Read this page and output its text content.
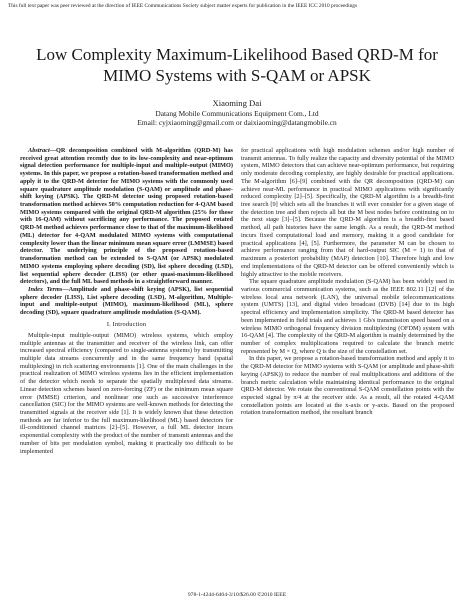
This full text paper was peer reviewed at the direction of IEEE Communications Society subject matter experts for publication in the IEEE ICC 2010 proceedings
Low Complexity Maximum-Likelihood Based QRD-M for MIMO Systems with S-QAM or APSK
Xiaoming Dai
Datang Mobile Communications Equipment Com., Ltd
Email: cyjxiaoming@gmail.com or daixiaoming@datangmobile.cn

Abstract—QR decomposition combined with M-algorithm (QRD-M) has received great attention recently due to its low-complexity and near-optimum signal detection performance for multiple-input and multiple-output (MIMO) systems. In this paper, we propose a rotation-based transformation method and apply it to the QRD-M detector for MIMO systems with the commonly used square quadrature amplitude modulation (S-QAM) or amplitude and phase-shift keying (APSK). The QRD-M detector using proposed rotation-based transformation method achieves 50% computation reduction for 4-QAM based MIMO systems compared with the original QRD-M algorithm (25% for those with 16-QAM) without sacrificing any performance. The proposed rotated QRD-M method achieves performance close to that of the maximum-likelihood (ML) detector for 4-QAM modulated MIMO systems with computational complexity lower than the linear minimum mean square error (LMMSE) based detector. The underlying principle of the proposed rotation-based transformation method can be extended to S-QAM (or APSK) modulated MIMO systems employing sphere decoding (SD), list sphere decoding (LSD), list sequential sphere decoder (LISS) (or other quasi-maximum-likelihood detectors), and the full ML based methods in a straightforward manner.

Index Terms—Amplitude and phase-shift keying (APSK), list sequential sphere decoder (LISS), List sphere decoding (LSD), M-algorithm, Multiple-input and multiple-output (MIMO), maximum-likelihood (ML), sphere decoding (SD), square quadrature amplitude modulation (S-QAM).

I. Introduction

Multiple-input multiple-output (MIMO) wireless systems, which employ multiple antennas at the transmitter and receiver of the wireless link, can offer increased spectral efficiency (compared to single-antenna systems) by transmitting multiple data streams concurrently and in the same frequency band (spatial multiplexing) in rich scattering environments [1]. One of the main challenges in the practical realization of MIMO wireless systems lies in the efficient implementation of the detector which needs to separate the spatially multiplexed data streams. Linear detection schemes based on zero-forcing (ZF) or the minimum mean square error (MMSE) criterion, and nonlinear one such as successive interference cancellation (SIC) for the MIMO systems are well-known methods for detecting the transmitted signals at the receiver side [1]. It is widely known that these detection methods are far inferior to the full maximum-likelihood (ML) based detectors for ill-conditioned channel matrices [2]–[5]. However, a full ML detector incurs exponential complexity with the product of the number of transmit antennas and the number of bits per modulation symbol, making it practically too difficult to be implemented

for practical applications with high modulation schemes and/or high number of transmit antennas. To fully realize the capacity and diversity potential of the MIMO system, MIMO detectors that can achieve near-optimum performance, but requiring only moderate decoding complexity, are highly desirable for practical applications. The M-algorithm [6]–[9] combined with the QR decomposition (QRD-M) can achieve near-ML performance in practical MIMO applications with significantly reduced complexity [2]–[5]. Specifically, the QRD-M algorithm is a breadth-first tree search [9] which sets all the branches it will ever consider for a given stage of the detection tree and then rejects all but the M best nodes before continuing on to the next stage [3]–[5]. Because the QRD-M algorithm is a breadth-first based method, all path histories have the same length. As a result, the QRD-M method incurs fixed computational load and memory, making it a good candidate for practical applications [4], [5]. Furthermore, the parameter M can be chosen to achieve performance ranging from that of hard-output SIC (M = 1) to that of maximum a posteriori probability (MAP) detection [10]. Therefore high and low end implementations of the QRD-M detector can be offered conveniently which is highly attractive to the mobile receivers.

The square quadrature amplitude modulation (S-QAM) has been widely used in various commercial communication systems, such as the IEEE 802.11 [12] of the wireless local area network (LAN), the universal mobile telecommunications system (UMTS) [13], and digital video broadcast (DVB) [14] due to its high spectral efficiency and implementation simplicity. The QRD-M based detector has been implemented in field trials and achieves 1 Gb/s transmission speed based on a wireless MIMO orthogonal frequency division multiplexing (OFDM) system with 16-QAM [4]. The complexity of the QRD-M algorithm is mainly determined by the number of complex multiplications required to calculate the branch metric represented by M × Q, where Q is the size of the constellation set.

In this paper, we propose a rotation-based transformation method and apply it to the QRD-M detector for MIMO systems with S-QAM (or amplitude and phase-shift keying (APSK)) to reduce the number of real multiplications and additions of the branch metric calculation while maintaining identical performance to the original QRD-M detector. We rotate the conventional S-QAM constellation points with the expected signal by π/4 at the receiver side. As a result, all the rotated 4-QAM constellation points are located at the x-axis or y-axis. Based on the proposed rotation transformation method, the resultant branch

978-1-4244-6404-3/10/$26.00 ©2010 IEEE
